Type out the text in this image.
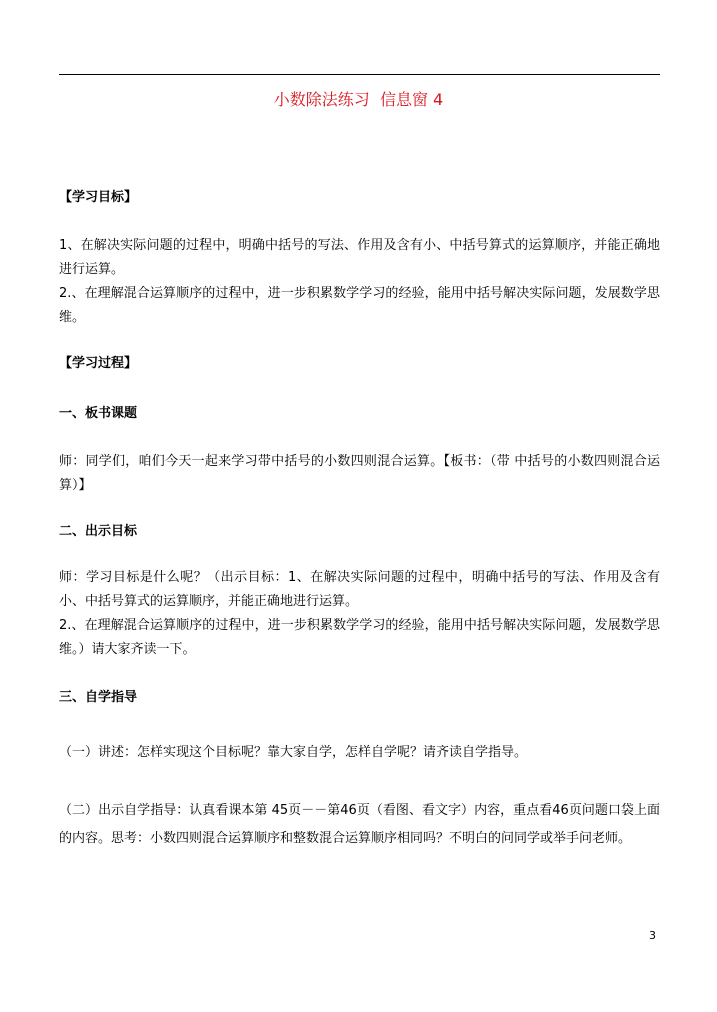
小数除法练习  信息窗 4
【学习目标】
1、在解决实际问题的过程中，明确中括号的写法、作用及含有小、中括号算式的运算顺序，并能正确地进行运算。
2.、在理解混合运算顺序的过程中，进一步积累数学学习的经验，能用中括号解决实际问题，发展数学思维。
【学习过程】
一、板书课题
师：同学们，咱们今天一起来学习带中括号的小数四则混合运算。【板书：（带 中括号的小数四则混合运算）】
二、出示目标
师：学习目标是什么呢？（出示目标：1、在解决实际问题的过程中，明确中括号的写法、作用及含有小、中括号算式的运算顺序，并能正确地进行运算。
2.、在理解混合运算顺序的过程中，进一步积累数学学习的经验，能用中括号解决实际问题，发展数学思维。）请大家齐读一下。
三、自学指导
（一）讲述：怎样实现这个目标呢？靠大家自学，怎样自学呢？请齐读自学指导。
（二）出示自学指导：认真看课本第 45页－－第46页（看图、看文字）内容，重点看46页问题口袋上面的内容。思考：小数四则混合运算顺序和整数混合运算顺序相同吗？不明白的问同学或举手问老师。
3
